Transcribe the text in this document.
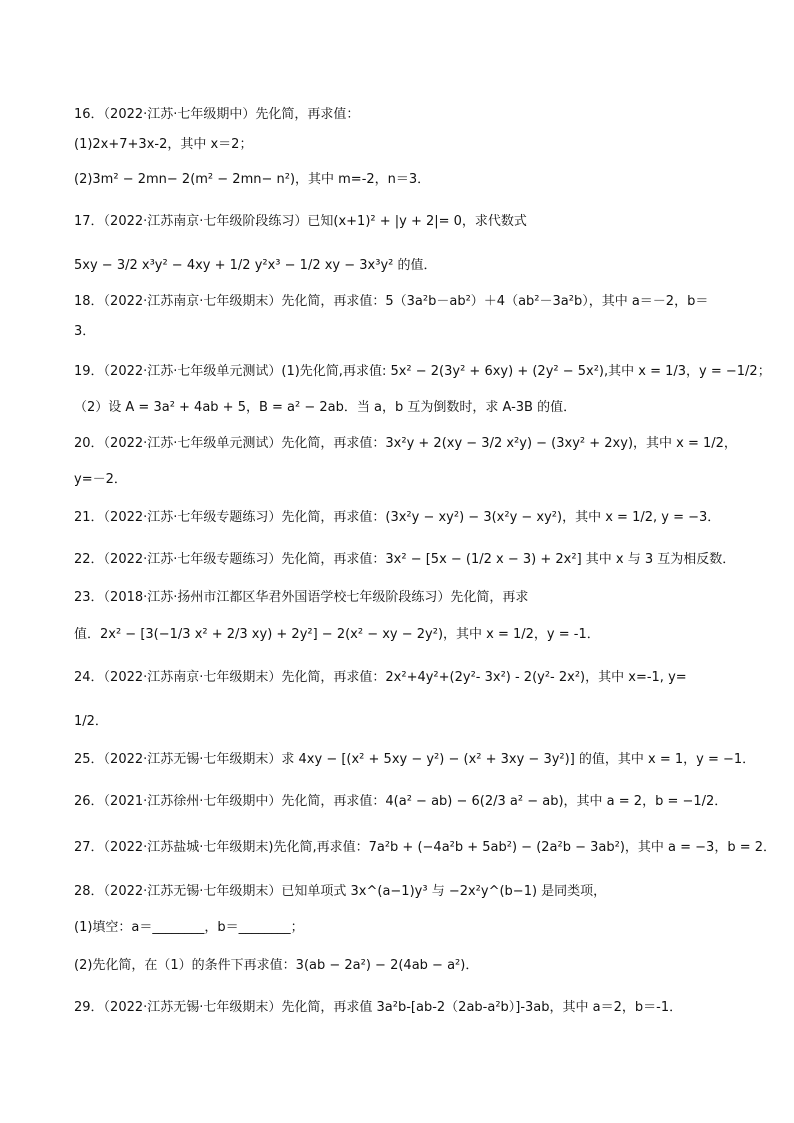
16．（2022·江苏·七年级期中）先化简，再求值：
(1)2x+7+3x-2，其中 x＝2；
(2)3m² − 2mn− 2(m² − 2mn− n²)，其中 m=-2，n＝3．
17．（2022·江苏南京·七年级阶段练习）已知(x+1)² + |y + 2|= 0，求代数式
5xy − 3/2 x³y² − 4xy + 1/2 y²x³ − 1/2 xy − 3x³y² 的值．
18．（2022·江苏南京·七年级期末）先化简，再求值：5（3a²b－ab²）＋4（ab²－3a²b），其中 a＝－2，b＝
3．
19．（2022·江苏·七年级单元测试）(1)先化简,再求值: 5x² − 2(3y² + 6xy) + (2y² − 5x²),其中 x = 1/3，y = −1/2；
（2）设 A = 3a² + 4ab + 5，B = a² − 2ab．当 a，b 互为倒数时，求 A-3B 的值．
20．（2022·江苏·七年级单元测试）先化简，再求值：3x²y + 2(xy − 3/2 x²y) − (3xy² + 2xy)，其中 x = 1/2，
y=－2．
21．（2022·江苏·七年级专题练习）先化简，再求值：(3x²y − xy²) − 3(x²y − xy²)，其中 x = 1/2, y = −3．
22．（2022·江苏·七年级专题练习）先化简，再求值：3x² − [5x − (1/2 x − 3) + 2x²] 其中 x 与 3 互为相反数．
23．（2018·江苏·扬州市江都区华君外国语学校七年级阶段练习）先化简，再求
值．2x² − [3(−1/3 x² + 2/3 xy) + 2y²] − 2(x² − xy − 2y²)，其中 x = 1/2，y = -1．
24．（2022·江苏南京·七年级期末）先化简，再求值：2x²+4y²+(2y²- 3x²) - 2(y²- 2x²)，其中 x=-1, y=
1/2．
25．（2022·江苏无锡·七年级期末）求 4xy − [(x² + 5xy − y²) − (x² + 3xy − 3y²)] 的值，其中 x = 1，y = −1．
26．（2021·江苏徐州·七年级期中）先化简，再求值：4(a² − ab) − 6(2/3 a² − ab)，其中 a = 2，b = −1/2．
27．（2022·江苏盐城·七年级期末)先化简,再求值：7a²b + (−4a²b + 5ab²) − (2a²b − 3ab²)，其中 a = −3，b = 2．
28．（2022·江苏无锡·七年级期末）已知单项式 3x^(a−1)y³ 与 −2x²y^(b−1) 是同类项，
(1)填空：a＝________，b＝________；
(2)先化简，在（1）的条件下再求值：3(ab − 2a²) − 2(4ab − a²)．
29．（2022·江苏无锡·七年级期末）先化简，再求值 3a²b-[ab-2（2ab-a²b）]-3ab，其中 a＝2，b＝-1．
